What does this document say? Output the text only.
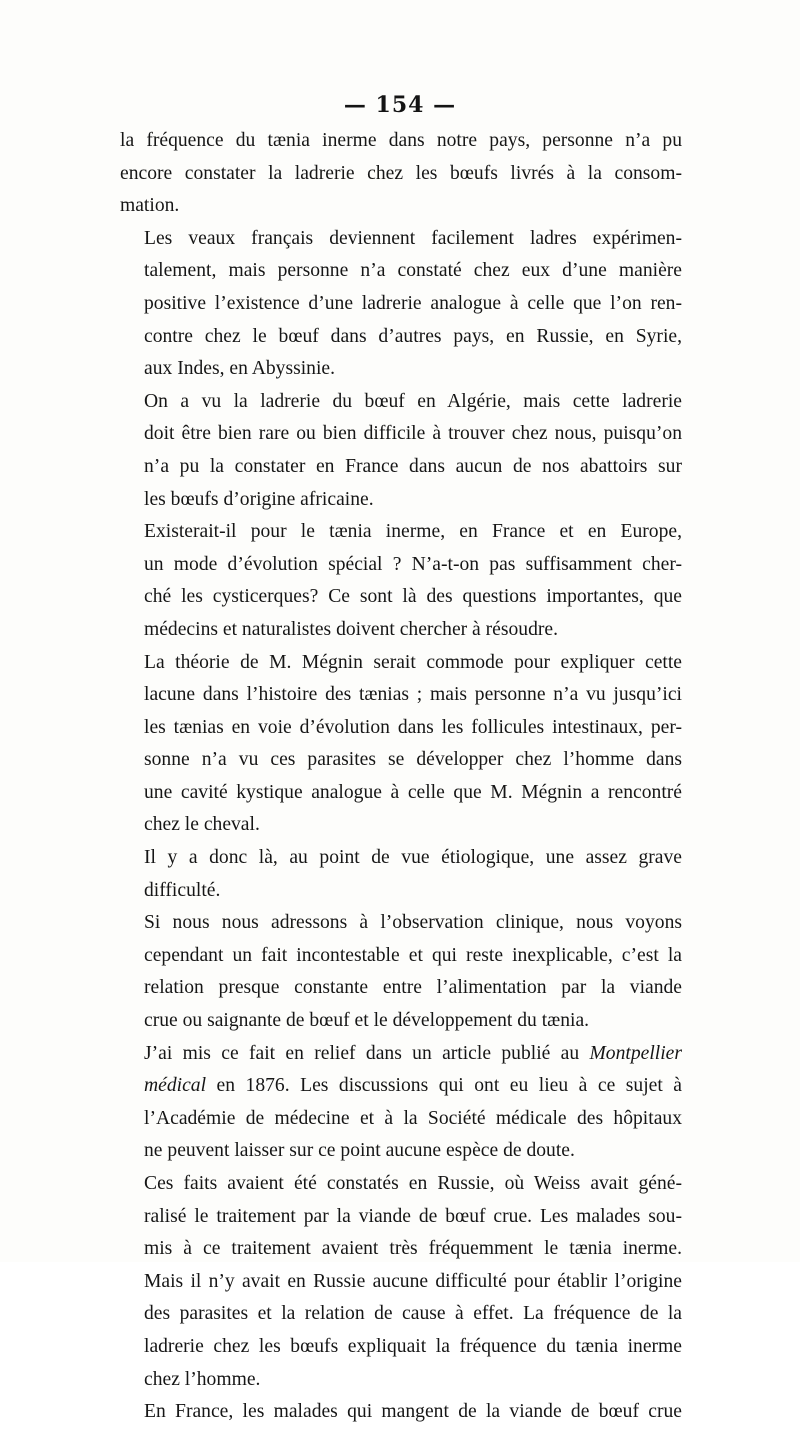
— 154 —

la fréquence du tænia inerme dans notre pays, personne n’a pu
encore constater la ladrerie chez les bœufs livrés à la consom-
mation.

Les veaux français deviennent facilement ladres expérimen-
talement, mais personne n’a constaté chez eux d’une manière
positive l’existence d’une ladrerie analogue à celle que l’on ren-
contre chez le bœuf dans d’autres pays, en Russie, en Syrie,
aux Indes, en Abyssinie.

On a vu la ladrerie du bœuf en Algérie, mais cette ladrerie
doit être bien rare ou bien difficile à trouver chez nous, puisqu’on
n’a pu la constater en France dans aucun de nos abattoirs sur
les bœufs d’origine africaine.

Existerait-il pour le tænia inerme, en France et en Europe,
un mode d’évolution spécial ? N’a-t-on pas suffisamment cher-
ché les cysticerques? Ce sont là des questions importantes, que
médecins et naturalistes doivent chercher à résoudre.

La théorie de M. Mégnin serait commode pour expliquer cette
lacune dans l’histoire des tænias ; mais personne n’a vu jusqu’ici
les tænias en voie d’évolution dans les follicules intestinaux, per-
sonne n’a vu ces parasites se développer chez l’homme dans
une cavité kystique analogue à celle que M. Mégnin a rencontré
chez le cheval.

Il y a donc là, au point de vue étiologique, une assez grave
difficulté.

Si nous nous adressons à l’observation clinique, nous voyons
cependant un fait incontestable et qui reste inexplicable, c’est la
relation presque constante entre l’alimentation par la viande
crue ou saignante de bœuf et le développement du tænia.

J’ai mis ce fait en relief dans un article publié au Montpellier
médical en 1876. Les discussions qui ont eu lieu à ce sujet à
l’Académie de médecine et à la Société médicale des hôpitaux
ne peuvent laisser sur ce point aucune espèce de doute.

Ces faits avaient été constatés en Russie, où Weiss avait géné-
ralisé le traitement par la viande de bœuf crue. Les malades sou-
mis à ce traitement avaient très fréquemment le tænia inerme.
Mais il n’y avait en Russie aucune difficulté pour établir l’origine
des parasites et la relation de cause à effet. La fréquence de la
ladrerie chez les bœufs expliquait la fréquence du tænia inerme
chez l’homme.

En France, les malades qui mangent de la viande de bœuf crue
